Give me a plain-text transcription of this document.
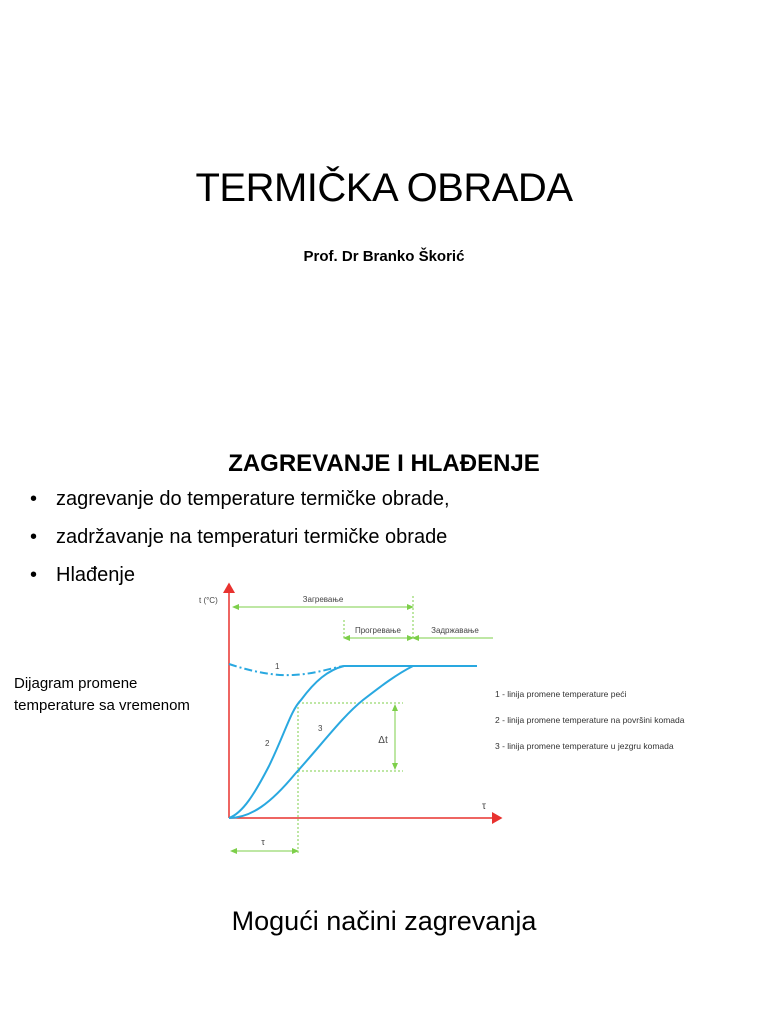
TERMIČKA OBRADA

Prof. Dr Branko Škorić

ZAGREVANJE I HLAĐENJE
• zagrevanje do temperature termičke obrade,
• zadržavanje na temperaturi termičke obrade
• Hlađenje

Dijagram promene temperature sa vremenom

Загревање
Прогревање	Задржавање
Δt
τ
t (°C)
τ
1
2
3
1 - linija promene temperature peći
2 - linija promene temperature na površini komada
3 - linija promene temperature u jezgru komada

Mogući načini zagrevanja
